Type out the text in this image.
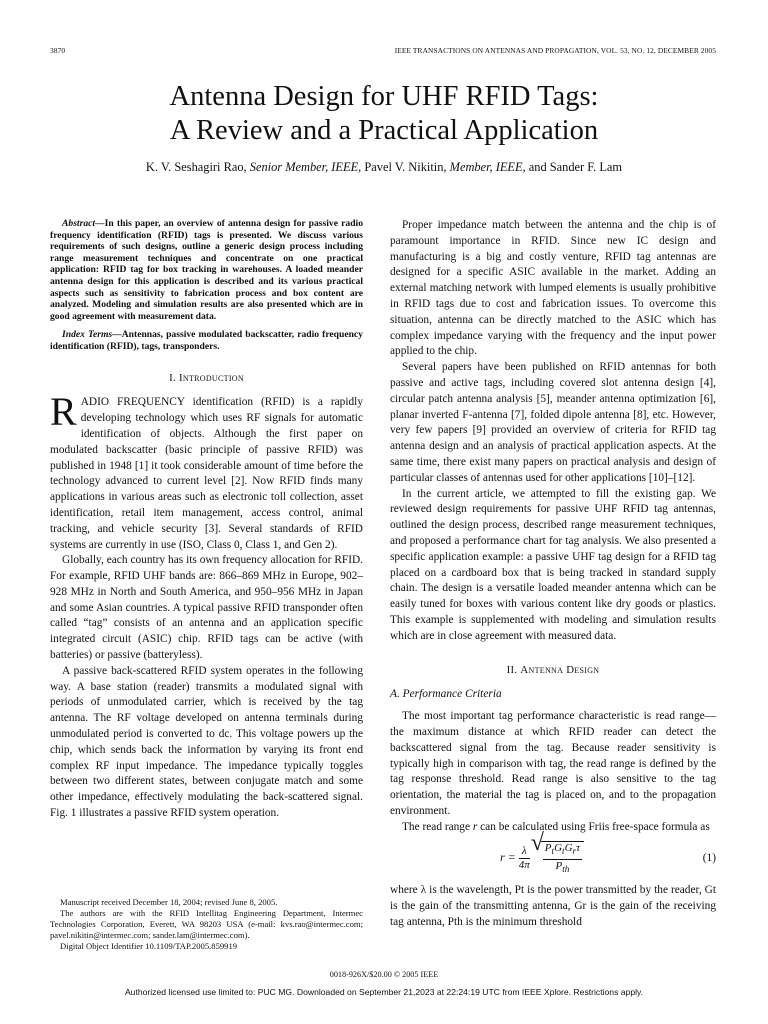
3870	IEEE TRANSACTIONS ON ANTENNAS AND PROPAGATION, VOL. 53, NO. 12, DECEMBER 2005
Antenna Design for UHF RFID Tags:
A Review and a Practical Application
K. V. Seshagiri Rao, Senior Member, IEEE, Pavel V. Nikitin, Member, IEEE, and Sander F. Lam

Abstract—In this paper, an overview of antenna design for passive radio frequency identification (RFID) tags is presented. We discuss various requirements of such designs, outline a generic design process including range measurement techniques and concentrate on one practical application: RFID tag for box tracking in warehouses. A loaded meander antenna design for this application is described and its various practical aspects such as sensitivity to fabrication process and box content are analyzed. Modeling and simulation results are also presented which are in good agreement with measurement data.

Index Terms—Antennas, passive modulated backscatter, radio frequency identification (RFID), tags, transponders.

I. Introduction

RADIO FREQUENCY identification (RFID) is a rapidly developing technology which uses RF signals for automatic identification of objects. Although the first paper on modulated backscatter (basic principle of passive RFID) was published in 1948 [1] it took considerable amount of time before the technology advanced to current level [2]. Now RFID finds many applications in various areas such as electronic toll collection, asset identification, retail item management, access control, animal tracking, and vehicle security [3]. Several standards of RFID systems are currently in use (ISO, Class 0, Class 1, and Gen 2).

Globally, each country has its own frequency allocation for RFID. For example, RFID UHF bands are: 866–869 MHz in Europe, 902–928 MHz in North and South America, and 950–956 MHz in Japan and some Asian countries. A typical passive RFID transponder often called “tag” consists of an antenna and an application specific integrated circuit (ASIC) chip. RFID tags can be active (with batteries) or passive (batteryless).

A passive back-scattered RFID system operates in the following way. A base station (reader) transmits a modulated signal with periods of unmodulated carrier, which is received by the tag antenna. The RF voltage developed on antenna terminals during unmodulated period is converted to dc. This voltage powers up the chip, which sends back the information by varying its front end complex RF input impedance. The impedance typically toggles between two different states, between conjugate match and some other impedance, effectively modulating the back-scattered signal. Fig. 1 illustrates a passive RFID system operation.

Proper impedance match between the antenna and the chip is of paramount importance in RFID. Since new IC design and manufacturing is a big and costly venture, RFID tag antennas are designed for a specific ASIC available in the market. Adding an external matching network with lumped elements is usually prohibitive in RFID tags due to cost and fabrication issues. To overcome this situation, antenna can be directly matched to the ASIC which has complex impedance varying with the frequency and the input power applied to the chip.

Several papers have been published on RFID antennas for both passive and active tags, including covered slot antenna design [4], circular patch antenna analysis [5], meander antenna optimization [6], planar inverted F-antenna [7], folded dipole antenna [8], etc. However, very few papers [9] provided an overview of criteria for RFID tag antenna design and an analysis of practical application aspects. At the same time, there exist many papers on practical analysis and design of particular classes of antennas used for other applications [10]–[12].

In the current article, we attempted to fill the existing gap. We reviewed design requirements for passive UHF RFID tag antennas, outlined the design process, described range measurement techniques, and proposed a performance chart for tag analysis. We also presented a specific application example: a passive UHF tag design for a RFID tag placed on a cardboard box that is being tracked in standard supply chain. The design is a versatile loaded meander antenna which can be easily tuned for boxes with various content like dry goods or plastics. This example is supplemented with modeling and simulation results which are in close agreement with measured data.

II. Antenna Design
A. Performance Criteria

The most important tag performance characteristic is read range—the maximum distance at which RFID reader can detect the backscattered signal from the tag. Because reader sensitivity is typically high in comparison with tag, the read range is defined by the tag response threshold. Read range is also sensitive to the tag orientation, the material the tag is placed on, and to the propagation environment.

The read range r can be calculated using Friis free-space formula as

$r = \frac{\lambda}{4\pi}$

√ $\frac{P_tG_tG_r\tau}{P_{th}}$	(1)

where λ is the wavelength, Pt is the power transmitted by the reader, Gt is the gain of the transmitting antenna, Gr is the gain of the receiving tag antenna, Pth is the minimum threshold

Manuscript received December 18, 2004; revised June 8, 2005.

The authors are with the RFID Intellitag Engineering Department, Intermec Technologies Corporation, Everett, WA 98203 USA (e-mail: kvs.rao@intermec.com; pavel.nikitin@intermec.com; sander.lam@intermec.com).

Digital Object Identifier 10.1109/TAP.2005.859919

0018-926X/$20.00 © 2005 IEEE
Authorized licensed use limited to: PUC MG. Downloaded on September 21,2023 at 22:24:19 UTC from IEEE Xplore. Restrictions apply.
